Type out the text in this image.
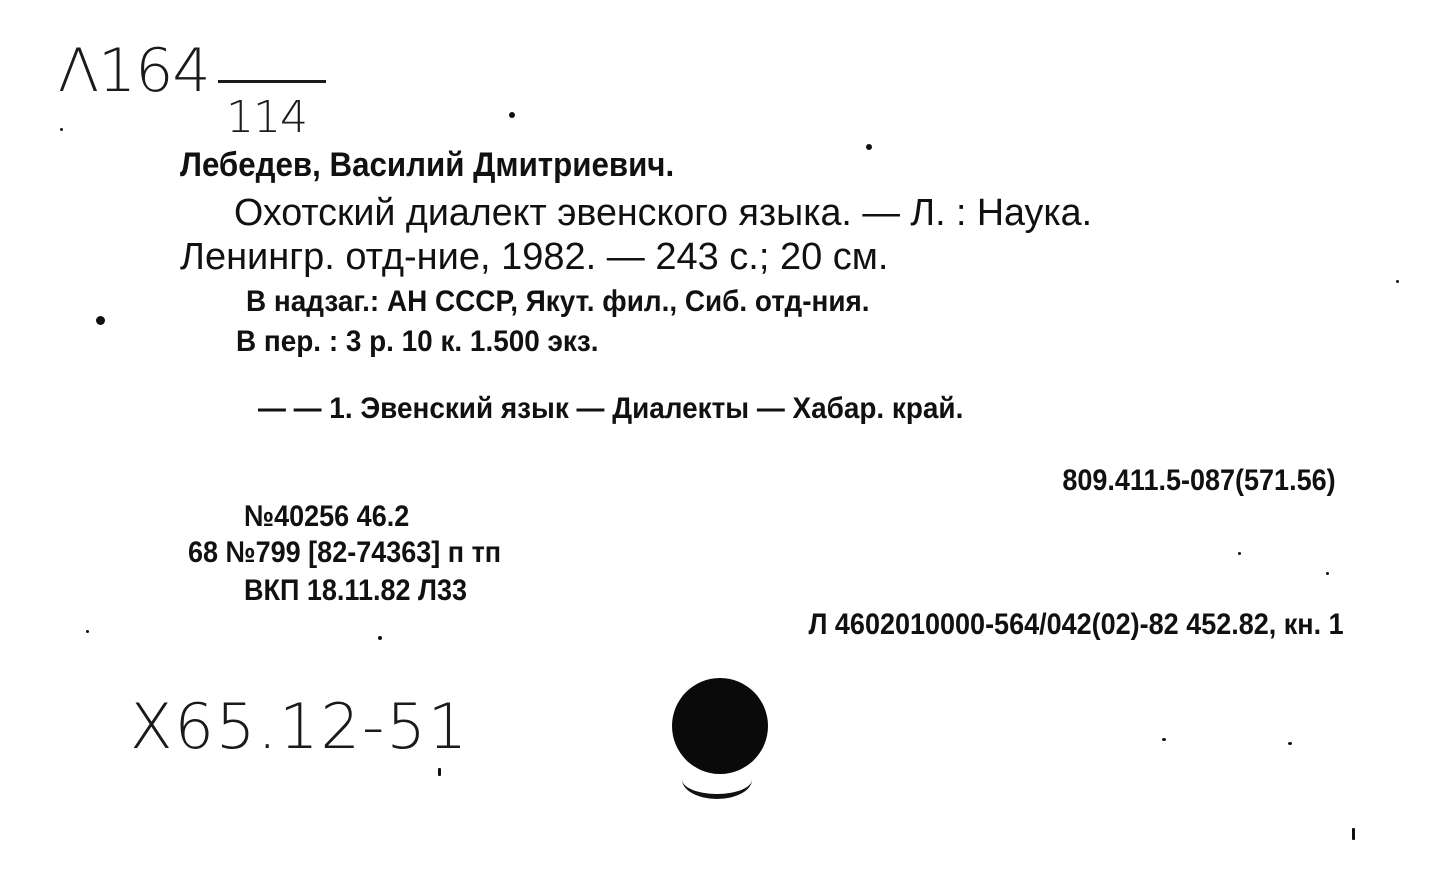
Λ164
114
Лебедев, Василий Дмитриевич.
Охотский диалект эвенского языка. — Л. : Наука.
Ленингр. отд-ние, 1982. — 243 с.; 20 см.
В надзаг.: АН СССР, Якут. фил., Сиб. отд-ния.
В пер. : 3 р. 10 к. 1.500 экз.
— — 1. Эвенский язык — Диалекты — Хабар. край.
809.411.5-087(571.56)
№40256 46.2
68 №799 [82-74363] п тп
ВКП 18.11.82 Л33
Л 4602010000-564/042(02)-82 452.82, кн. 1
X65.12-51
